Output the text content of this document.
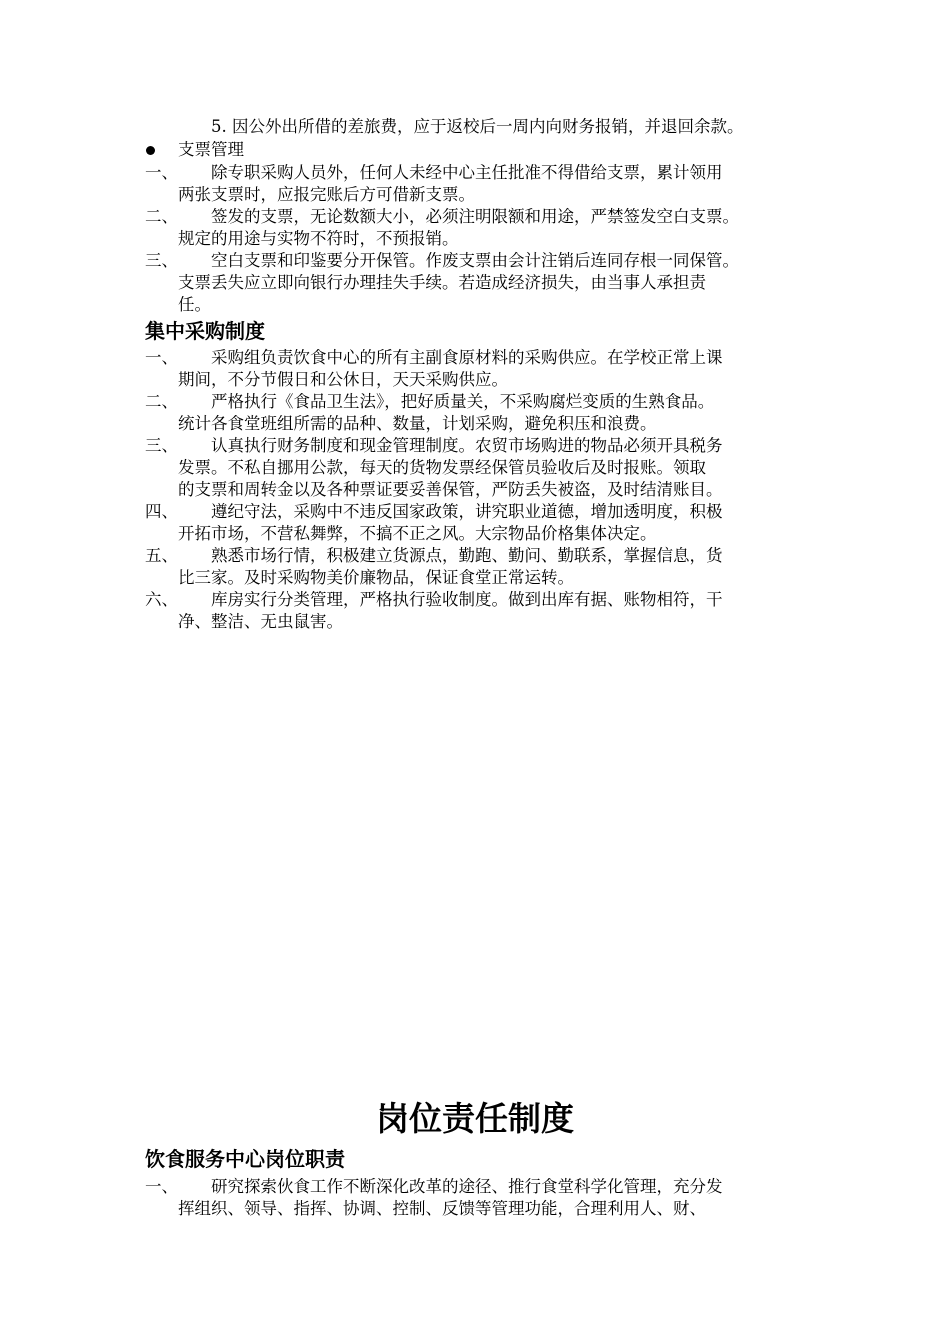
5. 因公外出所借的差旅费，应于返校后一周内向财务报销，并退回余款。
支票管理
一、 除专职采购人员外，任何人未经中心主任批准不得借给支票，累计领用
两张支票时，应报完账后方可借新支票。
二、 签发的支票，无论数额大小，必须注明限额和用途，严禁签发空白支票。
规定的用途与实物不符时，不预报销。
三、 空白支票和印鉴要分开保管。作废支票由会计注销后连同存根一同保管。
支票丢失应立即向银行办理挂失手续。若造成经济损失，由当事人承担责
任。
集中采购制度
一、 采购组负责饮食中心的所有主副食原材料的采购供应。在学校正常上课
期间，不分节假日和公休日，天天采购供应。
二、 严格执行《食品卫生法》，把好质量关，不采购腐烂变质的生熟食品。
统计各食堂班组所需的品种、数量，计划采购，避免积压和浪费。
三、 认真执行财务制度和现金管理制度。农贸市场购进的物品必须开具税务
发票。不私自挪用公款，每天的货物发票经保管员验收后及时报账。领取
的支票和周转金以及各种票证要妥善保管，严防丢失被盗，及时结清账目。
四、 遵纪守法，采购中不违反国家政策，讲究职业道德，增加透明度，积极
开拓市场，不营私舞弊，不搞不正之风。大宗物品价格集体决定。
五、 熟悉市场行情，积极建立货源点，勤跑、勤问、勤联系，掌握信息，货
比三家。及时采购物美价廉物品，保证食堂正常运转。
六、 库房实行分类管理，严格执行验收制度。做到出库有据、账物相符，干
净、整洁、无虫鼠害。
岗位责任制度
饮食服务中心岗位职责
一、 研究探索伙食工作不断深化改革的途径、推行食堂科学化管理，充分发
挥组织、领导、指挥、协调、控制、反馈等管理功能，合理利用人、财、
